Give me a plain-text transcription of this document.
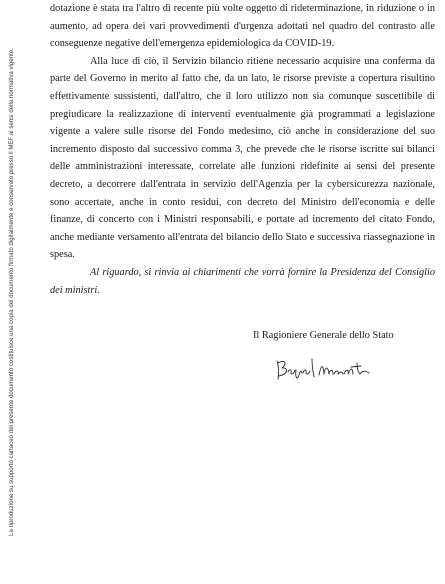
La riproduzione su supporto cartaceo del presente documento costituisce una copia del documento firmato digitalmente e conservato presso il MEF ai sensi della normativa vigente.

dotazione è stata tra l'altro di recente più volte oggetto di rideterminazione, in riduzione o in aumento, ad opera dei vari provvedimenti d'urgenza adottati nel quadro del contrasto alle conseguenze negative dell'emergenza epidemiologica da COVID-19.

Alla luce di ciò, il Servizio bilancio ritiene necessario acquisire una conferma da parte del Governo in merito al fatto che, da un lato, le risorse previste a copertura risultino effettivamente sussistenti, dall'altro, che il loro utilizzo non sia comunque suscettibile di pregiudicare la realizzazione di interventi eventualmente già programmati a legislazione vigente a valere sulle risorse del Fondo medesimo, ciò anche in considerazione del suo incremento disposto dal successivo comma 3, che prevede che le risorse iscritte sui bilanci delle amministrazioni interessate, correlate alle funzioni ridefinite ai sensi del presente decreto, a decorrere dall'entrata in servizio dell'Agenzia per la cybersicurezza nazionale, sono accertate, anche in conto residui, con decreto del Ministro dell'economia e delle finanze, di concerto con i Ministri responsabili, e portate ad incremento del citato Fondo, anche mediante versamento all'entrata del bilancio dello Stato e successiva riassegnazione in spesa.

Al riguardo, si rinvia ai chiarimenti che vorrà fornire la Presidenza del Consiglio dei ministri.

Il Ragioniere Generale dello Stato
